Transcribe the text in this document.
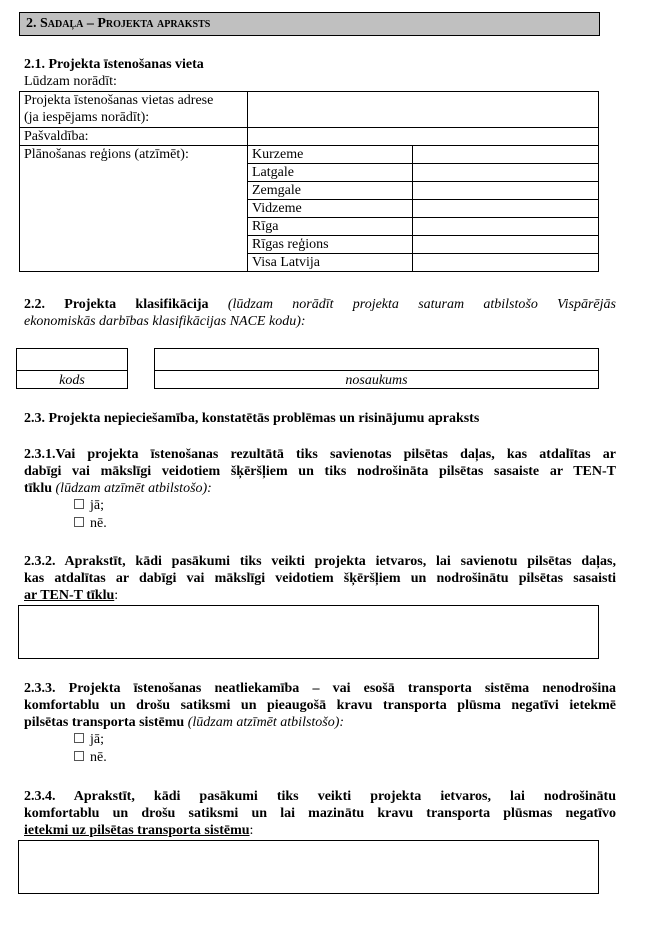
2. Sadaļa – Projekta apraksts
2.1. Projekta īstenošanas vieta
Lūdzam norādīt:
Projekta īstenošanas vietas adrese
(ja iespējams norādīt):		

Pašvaldība:		
Plānošanas reģions (atzīmēt):	Kurzeme	
	Latgale	
	Zemgale	
	Vidzeme	
	Rīga	
	Rīgas reģions	
	Visa Latvija	
2.2. Projekta klasifikācija (lūdzam norādīt projekta saturam atbilstošo Vispārējās
ekonomiskās darbības klasifikācijas NACE kodu):
kods	nosaukums
2.3. Projekta nepieciešamība, konstatētās problēmas un risinājumu apraksts
2.3.1.Vai projekta īstenošanas rezultātā tiks savienotas pilsētas daļas, kas atdalītas ar
dabīgi vai mākslīgi veidotiem šķēršļiem un tiks nodrošināta pilsētas sasaiste ar TEN-T
tīklu (lūdzam atzīmēt atbilstošo):
jā;
nē.
2.3.2. Aprakstīt, kādi pasākumi tiks veikti projekta ietvaros, lai savienotu pilsētas daļas,
kas atdalītas ar dabīgi vai mākslīgi veidotiem šķēršļiem un nodrošinātu pilsētas sasaisti
ar TEN-T tīklu:
2.3.3. Projekta īstenošanas neatliekamība – vai esošā transporta sistēma nenodrošina
komfortablu un drošu satiksmi un pieaugošā kravu transporta plūsma negatīvi ietekmē
pilsētas transporta sistēmu (lūdzam atzīmēt atbilstošo):
jā;
nē.
2.3.4. Aprakstīt, kādi pasākumi tiks veikti projekta ietvaros, lai nodrošinātu
komfortablu un drošu satiksmi un lai mazinātu kravu transporta plūsmas negatīvo
ietekmi uz pilsētas transporta sistēmu:
